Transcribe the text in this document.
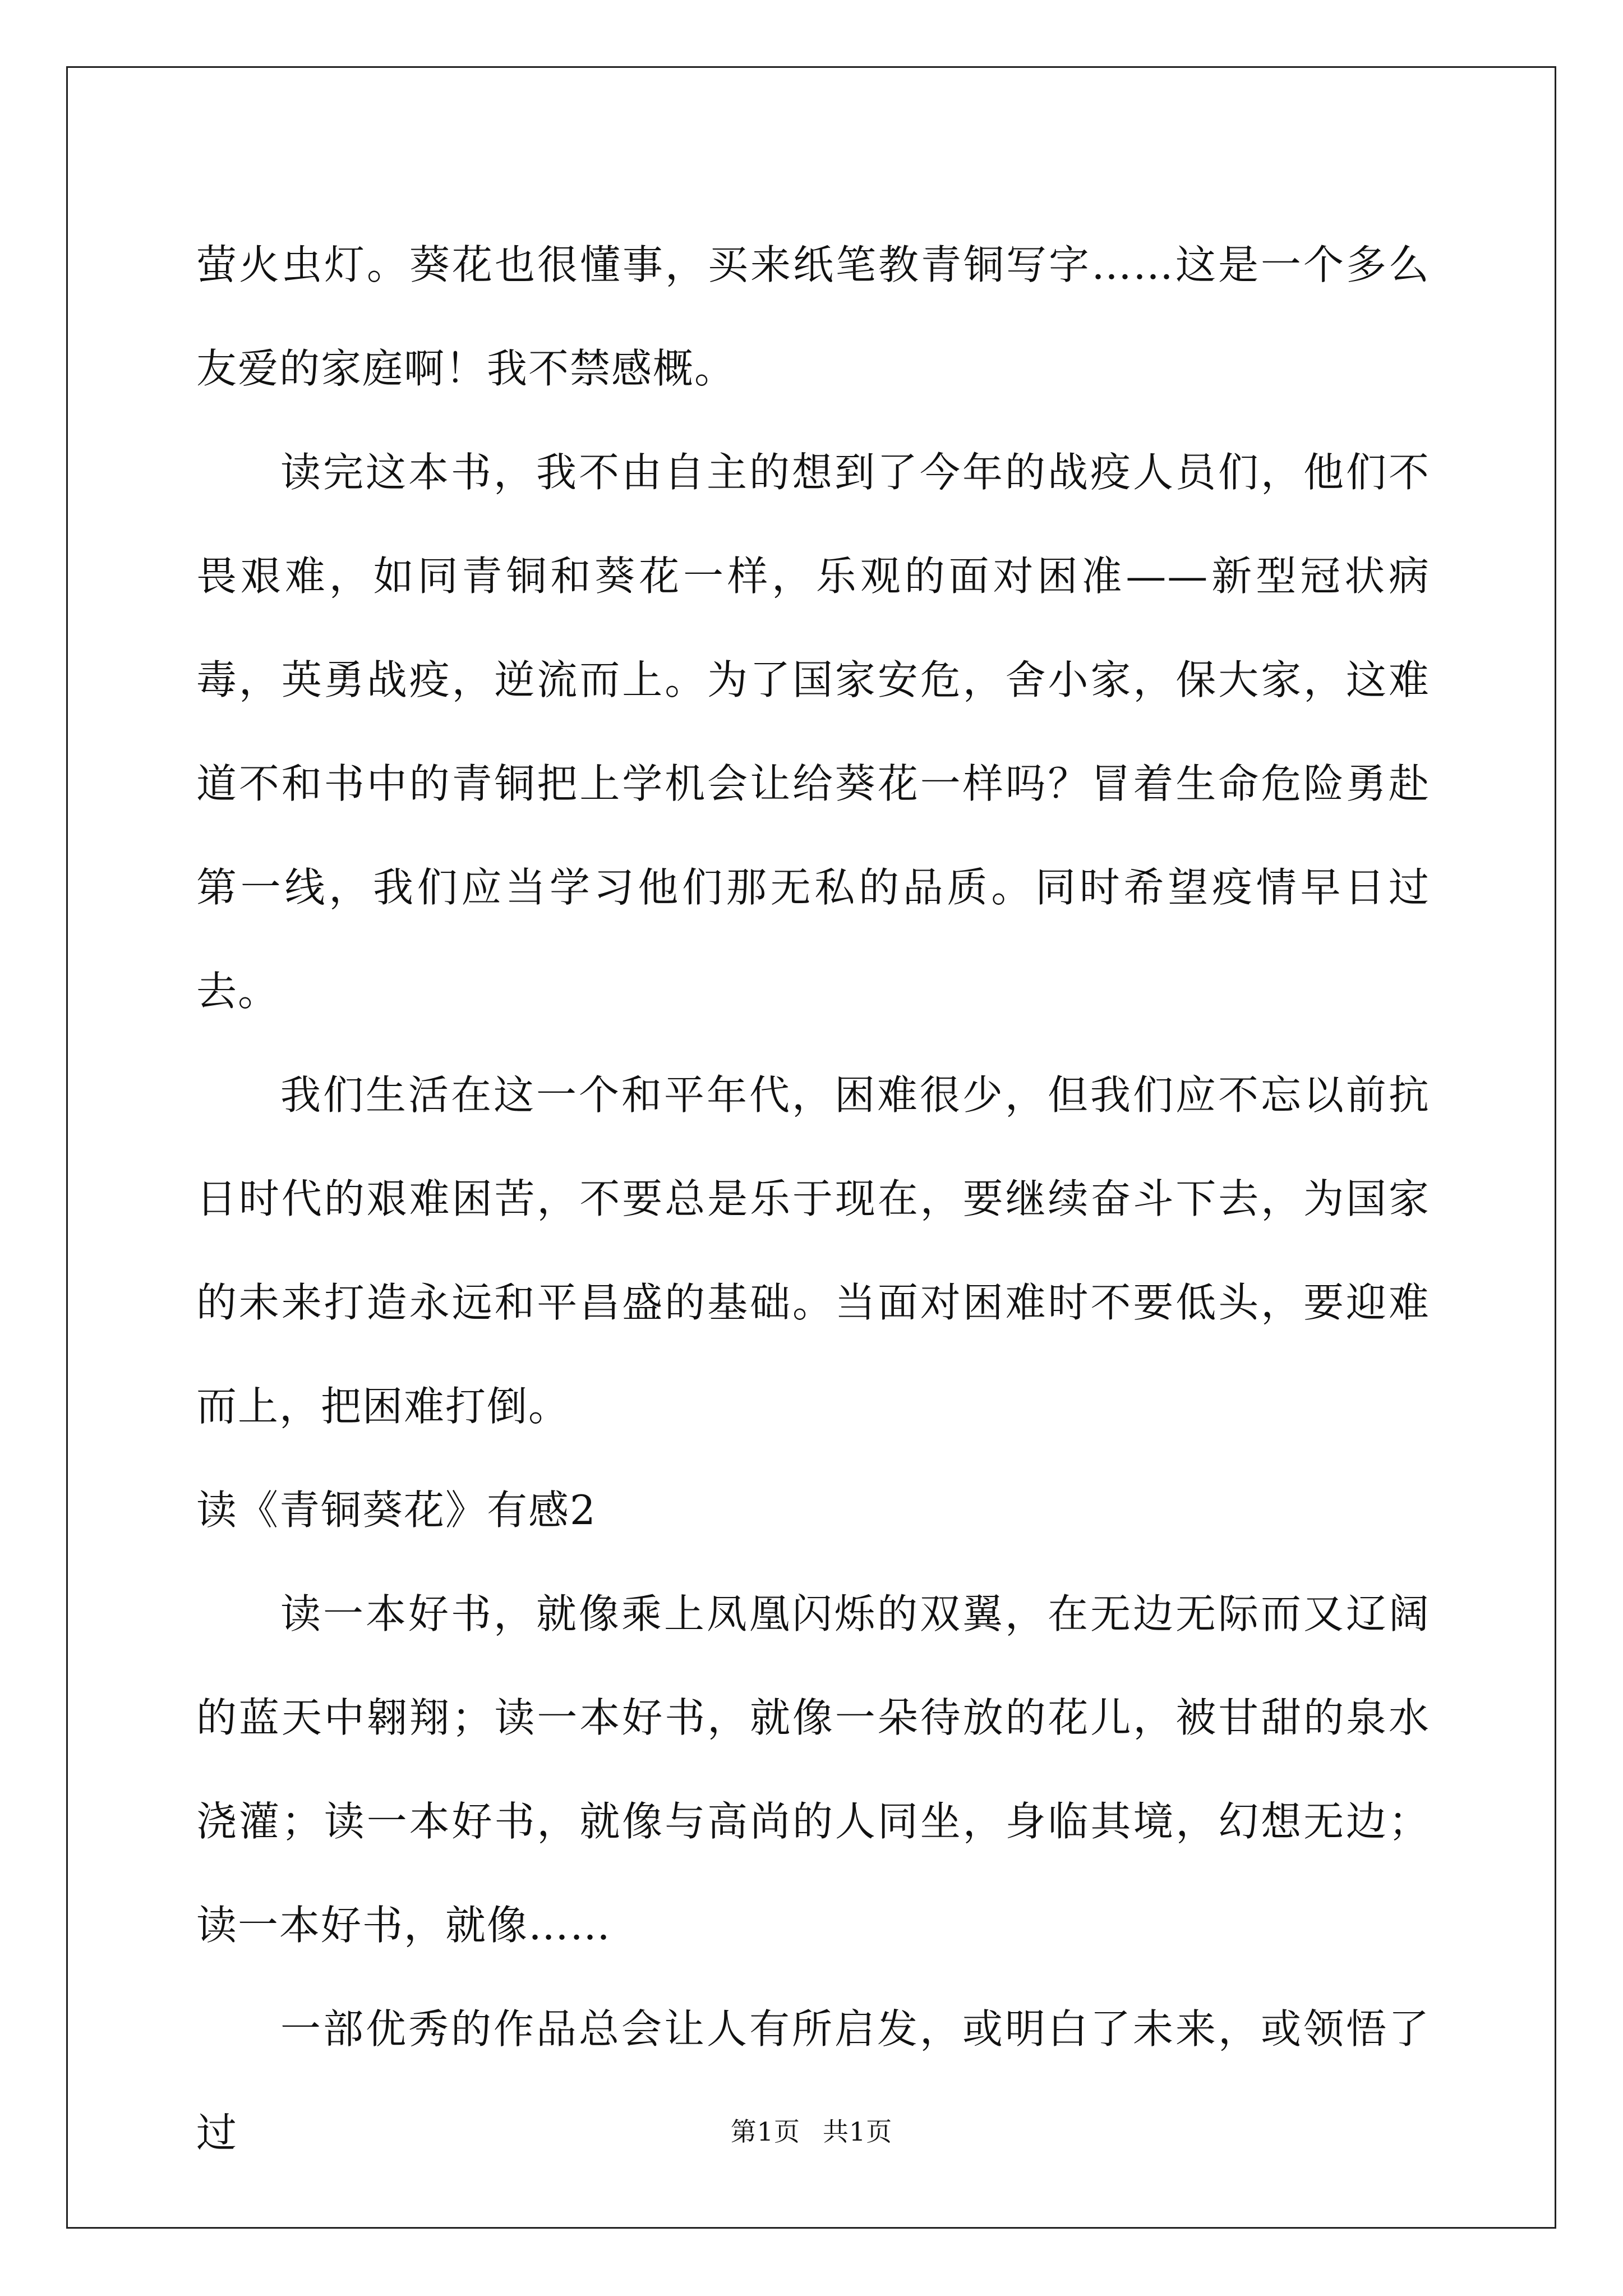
萤火虫灯。葵花也很懂事，买来纸笔教青铜写字……这是一个多么友爱的家庭啊！我不禁感概。

读完这本书，我不由自主的想到了今年的战疫人员们，他们不畏艰难，如同青铜和葵花一样，乐观的面对困准——新型冠状病毒，英勇战疫，逆流而上。为了国家安危，舍小家，保大家，这难道不和书中的青铜把上学机会让给葵花一样吗？冒着生命危险勇赴第一线，我们应当学习他们那无私的品质。同时希望疫情早日过去。

我们生活在这一个和平年代，困难很少，但我们应不忘以前抗日时代的艰难困苦，不要总是乐于现在，要继续奋斗下去，为国家的未来打造永远和平昌盛的基础。当面对困难时不要低头，要迎难而上，把困难打倒。

读《青铜葵花》有感2

读一本好书，就像乘上凤凰闪烁的双翼，在无边无际而又辽阔的蓝天中翱翔；读一本好书，就像一朵待放的花儿，被甘甜的泉水浇灌；读一本好书，就像与高尚的人同坐，身临其境，幻想无边；读一本好书，就像……

一部优秀的作品总会让人有所启发，或明白了未来，或领悟了过	第1页 共1页
